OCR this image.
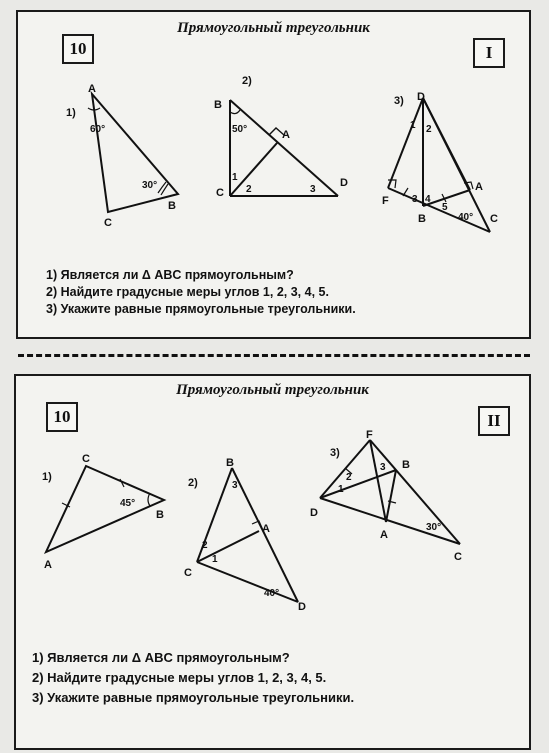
Прямоугольный треугольник
10	I
1)
A
B
C
60°
30°
2)
B
A
C
D
50°
1
2	3
3) D
A
F
B	C
1 2
3 4
5
40°
1) Является ли Δ ABC прямоугольным?
2) Найдите градусные меры углов 1, 2, 3, 4, 5.
3) Укажите равные прямоугольные треугольники.
Прямоугольный треугольник
10	II
1)
C
B
A
45°
2)
B
A
C
D
3
2
1
40°
3)
F
B
D
A
C
1
2
3
30°
1) Является ли Δ ABC прямоугольным?
2) Найдите градусные меры углов 1, 2, 3, 4, 5.
3) Укажите равные прямоугольные треугольники.
